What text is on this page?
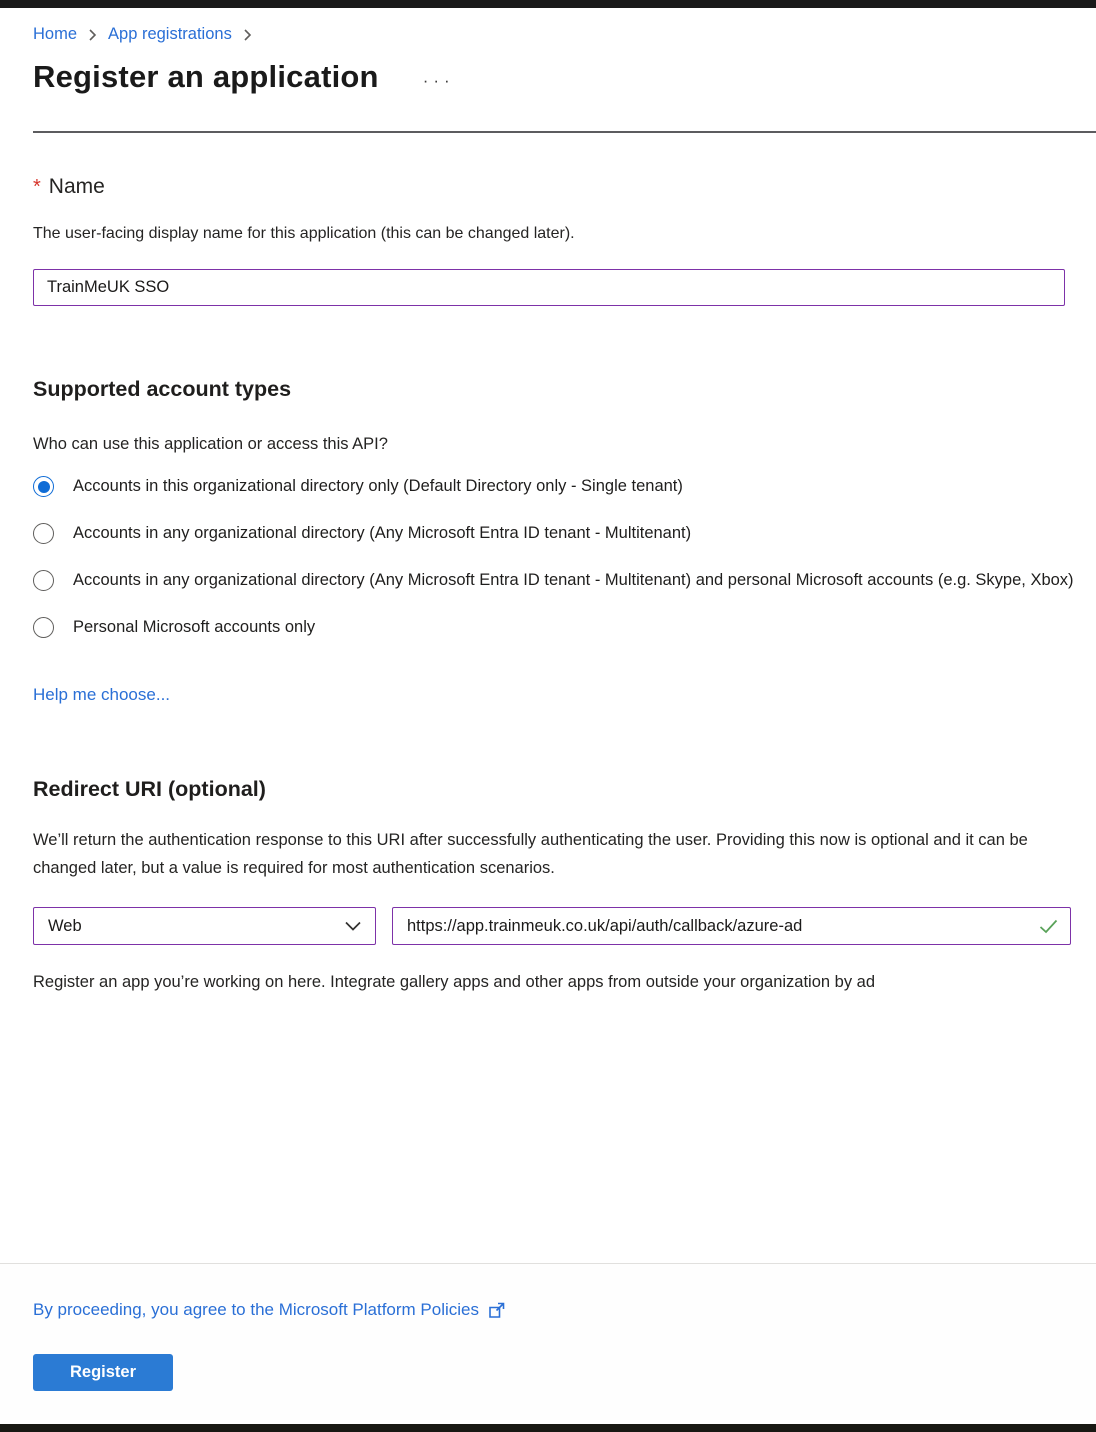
Home App registrations
Register an application	···
* Name
The user-facing display name for this application (this can be changed later).
TrainMeUK SSO
Supported account types
Who can use this application or access this API?
Accounts in this organizational directory only (Default Directory only - Single tenant)
Accounts in any organizational directory (Any Microsoft Entra ID tenant - Multitenant)
Accounts in any organizational directory (Any Microsoft Entra ID tenant - Multitenant) and personal Microsoft accounts (e.g. Skype, Xbox)
Personal Microsoft accounts only
Help me choose...
Redirect URI (optional)
We’ll return the authentication response to this URI after successfully authenticating the user. Providing this now is optional and it can be changed later, but a value is required for most authentication scenarios.
Web
https://app.trainmeuk.co.uk/api/auth/callback/azure-ad
Register an app you’re working on here. Integrate gallery apps and other apps from outside your organization by ad
By proceeding, you agree to the Microsoft Platform Policies
Register
